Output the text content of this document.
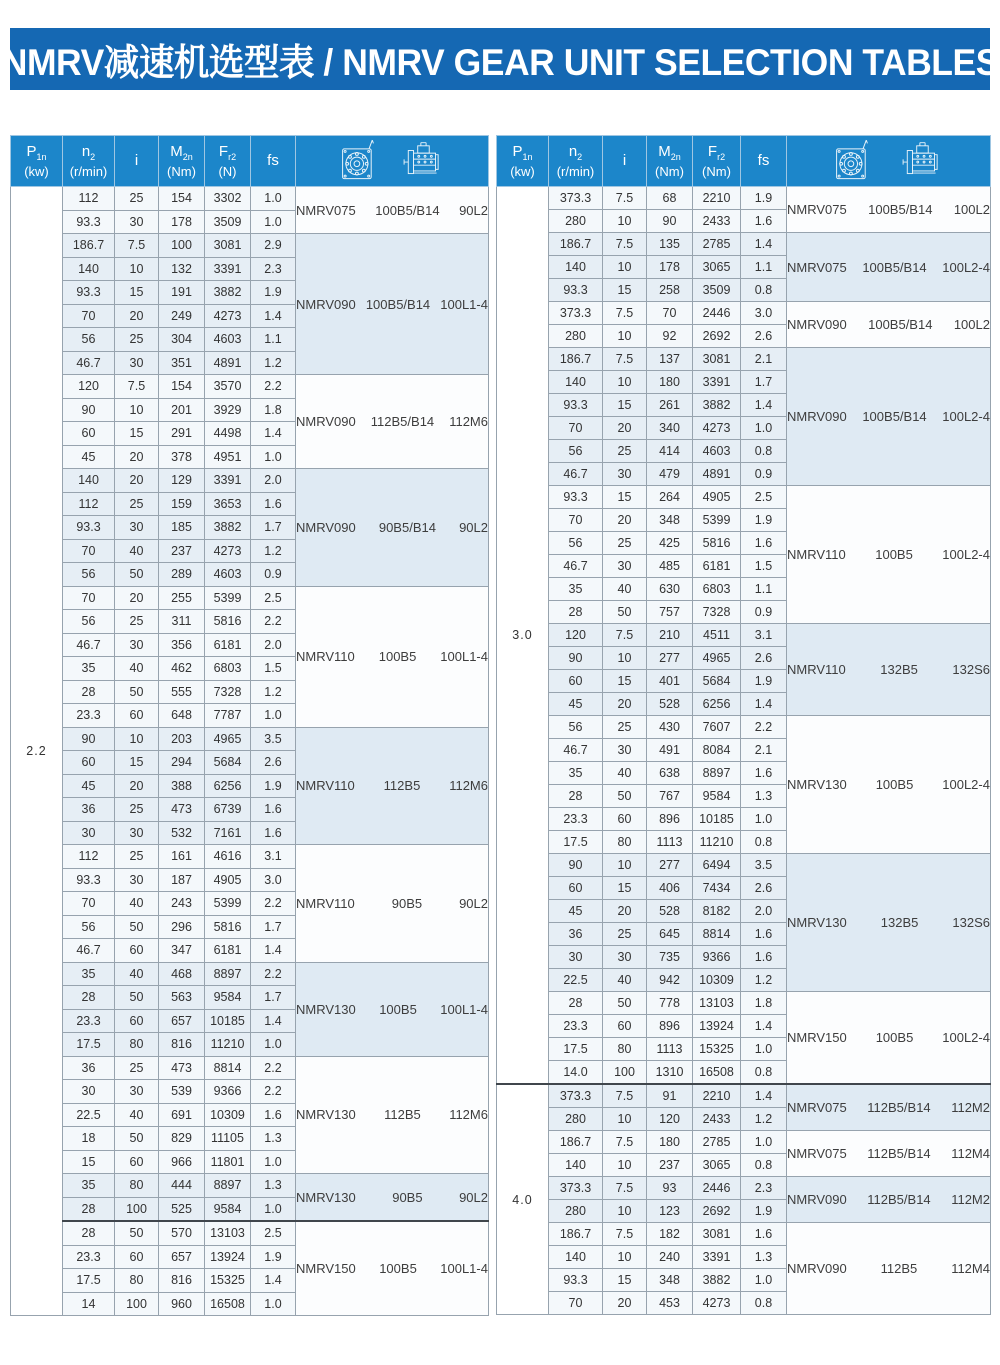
NMRV减速机选型表 / NMRV GEAR UNIT SELECTION TABLES
$P_{1n}$
(kw)

$n_2$
(r/min)

i

$M_{2n}$
(Nm)

$F_{r2}$
(N)

fs

2.2	112	25	154	3302	1.0	NMRV075 100B5/B14 90L2

	93.3	30	178	3509	1.0	
	186.7	7.5	100	3081	2.9	NMRV090 100B5/B14 100L1-4

	140	10	132	3391	2.3	
	93.3	15	191	3882	1.9	
	70	20	249	4273	1.4	
	56	25	304	4603	1.1	
	46.7	30	351	4891	1.2	
	120	7.5	154	3570	2.2	NMRV090 112B5/B14 112M6

	90	10	201	3929	1.8	
	60	15	291	4498	1.4	
	45	20	378	4951	1.0	
	140	20	129	3391	2.0	NMRV090 90B5/B14 90L2

	112	25	159	3653	1.6	
	93.3	30	185	3882	1.7	
	70	40	237	4273	1.2	
	56	50	289	4603	0.9	
	70	20	255	5399	2.5	NMRV110 100B5 100L1-4

	56	25	311	5816	2.2	
	46.7	30	356	6181	2.0	
	35	40	462	6803	1.5	
	28	50	555	7328	1.2	
	23.3	60	648	7787	1.0	
	90	10	203	4965	3.5	NMRV110 112B5 112M6

	60	15	294	5684	2.6	
	45	20	388	6256	1.9	
	36	25	473	6739	1.6	
	30	30	532	7161	1.6	
	112	25	161	4616	3.1	NMRV110 90B5 90L2

	93.3	30	187	4905	3.0	
	70	40	243	5399	2.2	
	56	50	296	5816	1.7	
	46.7	60	347	6181	1.4	
	35	40	468	8897	2.2	NMRV130 100B5 100L1-4

	28	50	563	9584	1.7	
	23.3	60	657	10185	1.4	
	17.5	80	816	11210	1.0	
	36	25	473	8814	2.2	NMRV130 112B5 112M6

	30	30	539	9366	2.2	
	22.5	40	691	10309	1.6	
	18	50	829	11105	1.3	
	15	60	966	11801	1.0	
	35	80	444	8897	1.3	NMRV130 90B5 90L2

	28	100	525	9584	1.0	
	28	50	570	13103	2.5	NMRV150 100B5 100L1-4

	23.3	60	657	13924	1.9	
	17.5	80	816	15325	1.4	
	14	100	960	16508	1.0	
$P_{1n}$
(kw)

$n_2$
(r/min)

i

$M_{2n}$
(Nm)

$F_{r2}$
(Nm)

fs

3.0	373.3	7.5	68	2210	1.9	NMRV075 100B5/B14 100L2

	280	10	90	2433	1.6	
	186.7	7.5	135	2785	1.4	NMRV075 100B5/B14 100L2-4

	140	10	178	3065	1.1	
	93.3	15	258	3509	0.8	
	373.3	7.5	70	2446	3.0	NMRV090 100B5/B14 100L2

	280	10	92	2692	2.6	
	186.7	7.5	137	3081	2.1	NMRV090 100B5/B14 100L2-4

	140	10	180	3391	1.7	
	93.3	15	261	3882	1.4	
	70	20	340	4273	1.0	
	56	25	414	4603	0.8	
	46.7	30	479	4891	0.9	
	93.3	15	264	4905	2.5	NMRV110 100B5 100L2-4

	70	20	348	5399	1.9	
	56	25	425	5816	1.6	
	46.7	30	485	6181	1.5	
	35	40	630	6803	1.1	
	28	50	757	7328	0.9	
	120	7.5	210	4511	3.1	NMRV110 132B5 132S6

	90	10	277	4965	2.6	
	60	15	401	5684	1.9	
	45	20	528	6256	1.4	
	56	25	430	7607	2.2	NMRV130 100B5 100L2-4

	46.7	30	491	8084	2.1	
	35	40	638	8897	1.6	
	28	50	767	9584	1.3	
	23.3	60	896	10185	1.0	
	17.5	80	1113	11210	0.8	
	90	10	277	6494	3.5	NMRV130 132B5 132S6

	60	15	406	7434	2.6	
	45	20	528	8182	2.0	
	36	25	645	8814	1.6	
	30	30	735	9366	1.6	
	22.5	40	942	10309	1.2	
	28	50	778	13103	1.8	NMRV150 100B5 100L2-4

	23.3	60	896	13924	1.4	
	17.5	80	1113	15325	1.0	
	14.0	100	1310	16508	0.8	
4.0	373.3	7.5	91	2210	1.4	NMRV075 112B5/B14 112M2

	280	10	120	2433	1.2	
	186.7	7.5	180	2785	1.0	NMRV075 112B5/B14 112M4

	140	10	237	3065	0.8	
	373.3	7.5	93	2446	2.3	NMRV090 112B5/B14 112M2

	280	10	123	2692	1.9	
	186.7	7.5	182	3081	1.6	NMRV090 112B5 112M4

	140	10	240	3391	1.3	
	93.3	15	348	3882	1.0	
	70	20	453	4273	0.8	
